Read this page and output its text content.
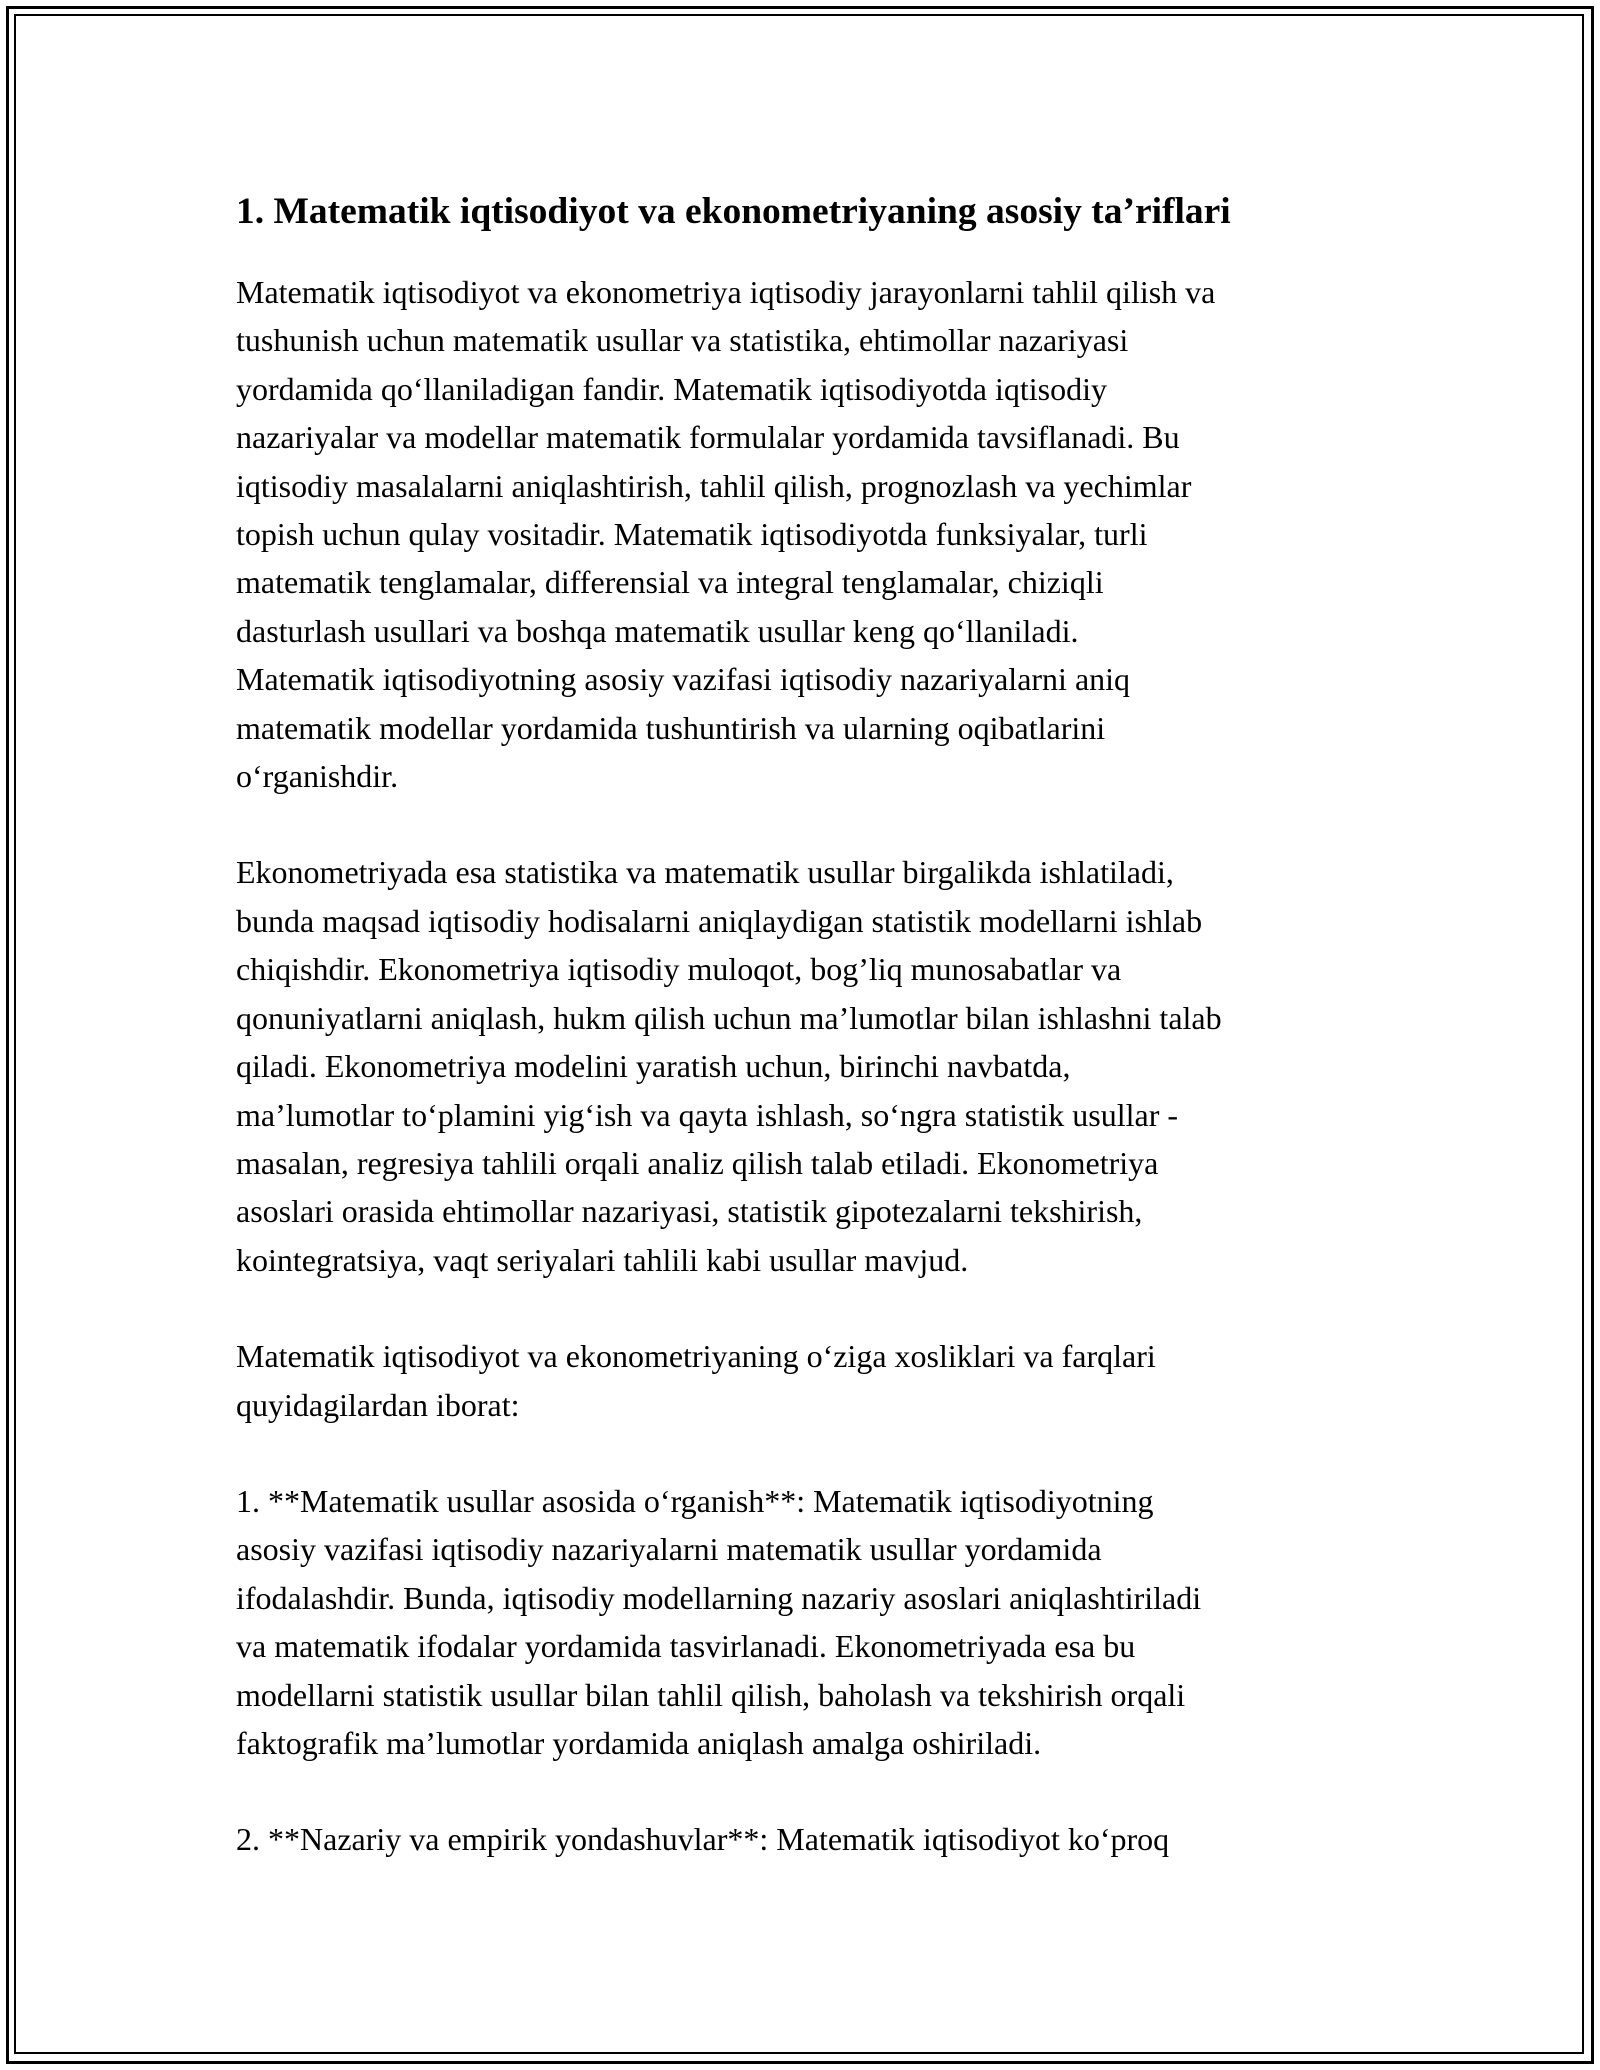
1. Matematik iqtisodiyot va ekonometriyaning asosiy ta’riflari
Matematik iqtisodiyot va ekonometriya iqtisodiy jarayonlarni tahlil qilish va
tushunish uchun matematik usullar va statistika, ehtimollar nazariyasi
yordamida qo‘llaniladigan fandir. Matematik iqtisodiyotda iqtisodiy
nazariyalar va modellar matematik formulalar yordamida tavsiflanadi. Bu
iqtisodiy masalalarni aniqlashtirish, tahlil qilish, prognozlash va yechimlar
topish uchun qulay vositadir. Matematik iqtisodiyotda funksiyalar, turli
matematik tenglamalar, differensial va integral tenglamalar, chiziqli
dasturlash usullari va boshqa matematik usullar keng qo‘llaniladi.
Matematik iqtisodiyotning asosiy vazifasi iqtisodiy nazariyalarni aniq
matematik modellar yordamida tushuntirish va ularning oqibatlarini
o‘rganishdir.
Ekonometriyada esa statistika va matematik usullar birgalikda ishlatiladi,
bunda maqsad iqtisodiy hodisalarni aniqlaydigan statistik modellarni ishlab
chiqishdir. Ekonometriya iqtisodiy muloqot, bog’liq munosabatlar va
qonuniyatlarni aniqlash, hukm qilish uchun ma’lumotlar bilan ishlashni talab
qiladi. Ekonometriya modelini yaratish uchun, birinchi navbatda,
ma’lumotlar to‘plamini yig‘ish va qayta ishlash, so‘ngra statistik usullar -
masalan, regresiya tahlili orqali analiz qilish talab etiladi. Ekonometriya
asoslari orasida ehtimollar nazariyasi, statistik gipotezalarni tekshirish,
kointegratsiya, vaqt seriyalari tahlili kabi usullar mavjud.
Matematik iqtisodiyot va ekonometriyaning o‘ziga xosliklari va farqlari
quyidagilardan iborat:
1. **Matematik usullar asosida o‘rganish**: Matematik iqtisodiyotning
asosiy vazifasi iqtisodiy nazariyalarni matematik usullar yordamida
ifodalashdir. Bunda, iqtisodiy modellarning nazariy asoslari aniqlashtiriladi
va matematik ifodalar yordamida tasvirlanadi. Ekonometriyada esa bu
modellarni statistik usullar bilan tahlil qilish, baholash va tekshirish orqali
faktografik ma’lumotlar yordamida aniqlash amalga oshiriladi.
2. **Nazariy va empirik yondashuvlar**: Matematik iqtisodiyot ko‘proq
